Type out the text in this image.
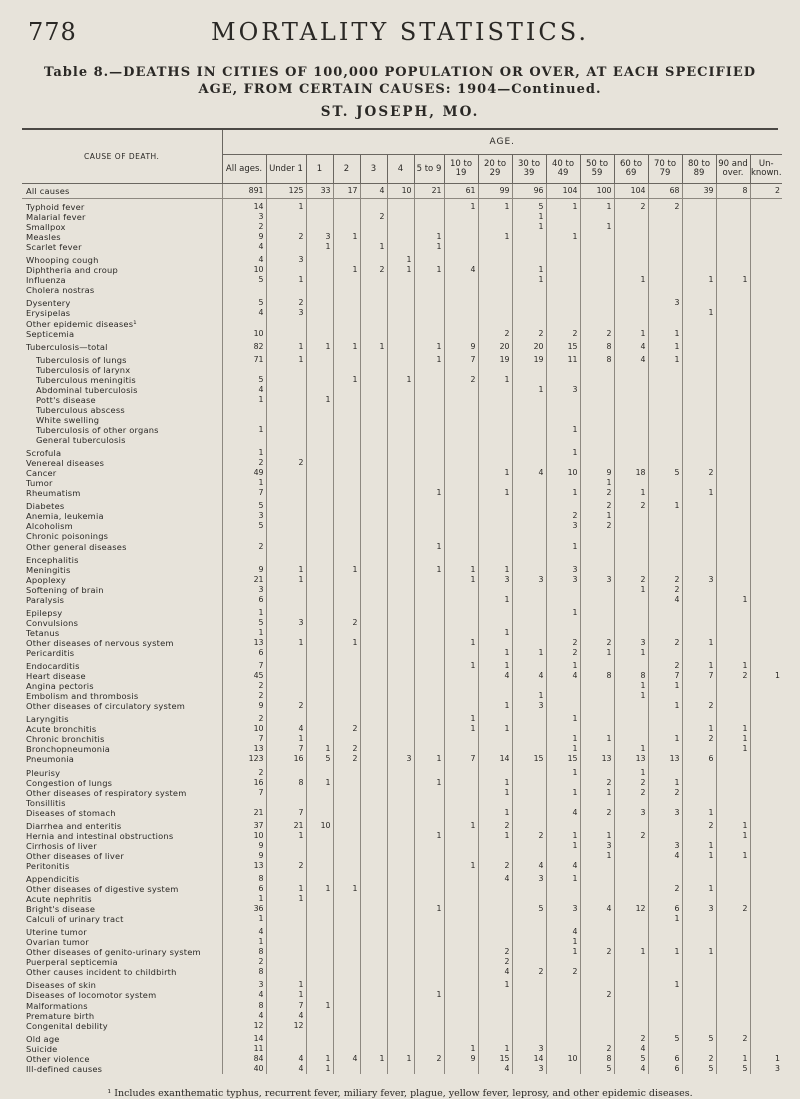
778	MORTALITY STATISTICS.
Table 8.—DEATHS IN CITIES OF 100,000 POPULATION OR OVER, AT EACH SPECIFIED AGE, FROM CERTAIN CAUSES: 1904—Continued.
ST. JOSEPH, MO.
CAUSE OF DEATH.	AGE.																
	All ages.	Under 1	1	2	3	4	5 to 9	10 to 19	20 to 29	30 to 39	40 to 49	50 to 59	60 to 69	70 to 79	80 to 89	90 and over.	Un-known.
All causes	891	125	33	17	4	10	21	61	99	96	104	100	104	68	39	8	2
Typhoid fever	14	1						1	1	5	1	1	2	2			
Malarial fever	3				2					1							
Smallpox	2									1		1					
Measles	9	2	3	1			1		1		1						
Scarlet fever	4		1		1		1										
Whooping cough	4	3				1											
Diphtheria and croup	10			1	2	1	1	4		1							
Influenza	5	1								1			1		1	1	
Cholera nostras																	
Dysentery	5	2												3			
Erysipelas	4	3													1		
Other epidemic diseases¹																	
Septicemia	10								2	2	2	2	1	1			
Tuberculosis—total	82	1	1	1	1		1	9	20	20	15	8	4	1			
Tuberculosis of lungs	71	1					1	7	19	19	11	8	4	1			
Tuberculosis of larynx																	
Tuberculous meningitis	5			1		1		2	1								
Abdominal tuberculosis	4									1	3						
Pott's disease	1		1														
Tuberculous abscess																	
White swelling																	
Tuberculosis of other organs	1										1						
General tuberculosis																	
Scrofula	1										1						
Venereal diseases	2	2															
Cancer	49								1	4	10	9	18	5	2		
Tumor	1											1					
Rheumatism	7						1		1		1	2	1		1		
Diabetes	5											2	2	1			
Anemia, leukemia	3										2	1					
Alcoholism	5										3	2					
Chronic poisonings																	
Other general diseases	2						1				1						
Encephalitis																	
Meningitis	9	1		1			1	1	1		3						
Apoplexy	21	1						1	3	3	3	3	2	2	3		
Softening of brain	3												1	2			
Paralysis	6								1					4		1	
Epilepsy	1										1						
Convulsions	5	3		2													
Tetanus	1								1								
Other diseases of nervous system	13	1		1				1			2	2	3	2	1		
Pericarditis	6								1	1	2	1	1				
Endocarditis	7							1	1		1			2	1	1	
Heart disease	45								4	4	4	8	8	7	7	2	1
Angina pectoris	2												1	1			
Embolism and thrombosis	2									1			1				
Other diseases of circulatory system	9	2							1	3				1	2		
Laryngitis	2							1			1						
Acute bronchitis	10	4		2				1	1						1	1	
Chronic bronchitis	7	1									1	1		1	2	1	
Bronchopneumonia	13	7	1	2							1		1			1	
Pneumonia	123	16	5	2		3	1	7	14	15	15	13	13	13	6		
Pleurisy	2										1		1				
Congestion of lungs	16	8	1				1		1			2	2	1			
Other diseases of respiratory system	7								1		1	1	2	2			
Tonsillitis																	
Diseases of stomach	21	7							1		4	2	3	3	1		
Diarrhea and enteritis	37	21	10					1	2						2	1	
Hernia and intestinal obstructions	10	1					1		1	2	1	1	2			1	
Cirrhosis of liver	9										1	3		3	1		
Other diseases of liver	9											1		4	1	1	
Peritonitis	13	2						1	2	4	4						
Appendicitis	8								4	3	1						
Other diseases of digestive system	6	1	1	1										2	1		
Acute nephritis	1	1															
Bright's disease	36						1			5	3	4	12	6	3	2	
Calculi of urinary tract	1													1			
Uterine tumor	4										4						
Ovarian tumor	1										1						
Other diseases of genito-urinary system	8								2		1	2	1	1	1		
Puerperal septicemia	2								2								
Other causes incident to childbirth	8								4	2	2						
Diseases of skin	3	1							1					1			
Diseases of locomotor system	4	1					1					2					
Malformations	8	7	1														
Premature birth	4	4															
Congenital debility	12	12															
Old age	14												2	5	5	2	
Suicide	11							1	1	3		2	4				
Other violence	84	4	1	4	1	1	2	9	15	14	10	8	5	6	2	1	1
Ill-defined causes	40	4	1						4	3		5	4	6	5	5	3
¹ Includes exanthematic typhus, recurrent fever, miliary fever, plague, yellow fever, leprosy, and other epidemic diseases.
